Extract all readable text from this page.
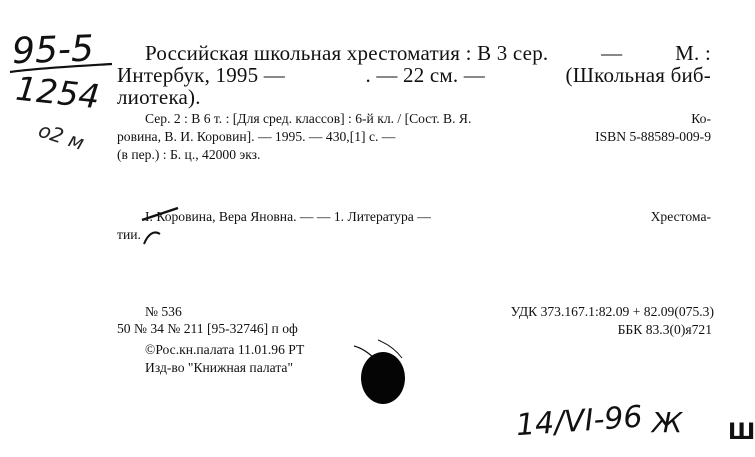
95-5
1254
о2 м
Российская школьная хрестоматия : В 3 сер.	—	М. :
Интербук, 1995 —	. — 22 см. —	(Школьная биб-
лиотека).
Сер. 2 : В 6 т. : [Для сред. классов] : 6-й кл. / [Сост. В. Я.	Ко-
ровина, В. И. Коровин]. — 1995. — 430,[1] с. —	ISBN 5-88589-009-9
(в пер.) : Б. ц., 42000 экз.
I. Коровина, Вера Яновна. — — 1. Литература —	Хрестома-
тии.
№ 536
50 № 34 № 211 [95-32746] п оф
©Рос.кн.палата 11.01.96 РТ
Изд-во "Книжная палата"
УДК 373.167.1:82.09 + 82.09(075.3)
ББК 83.3(0)я721
14/VI-96 Ж Ш
